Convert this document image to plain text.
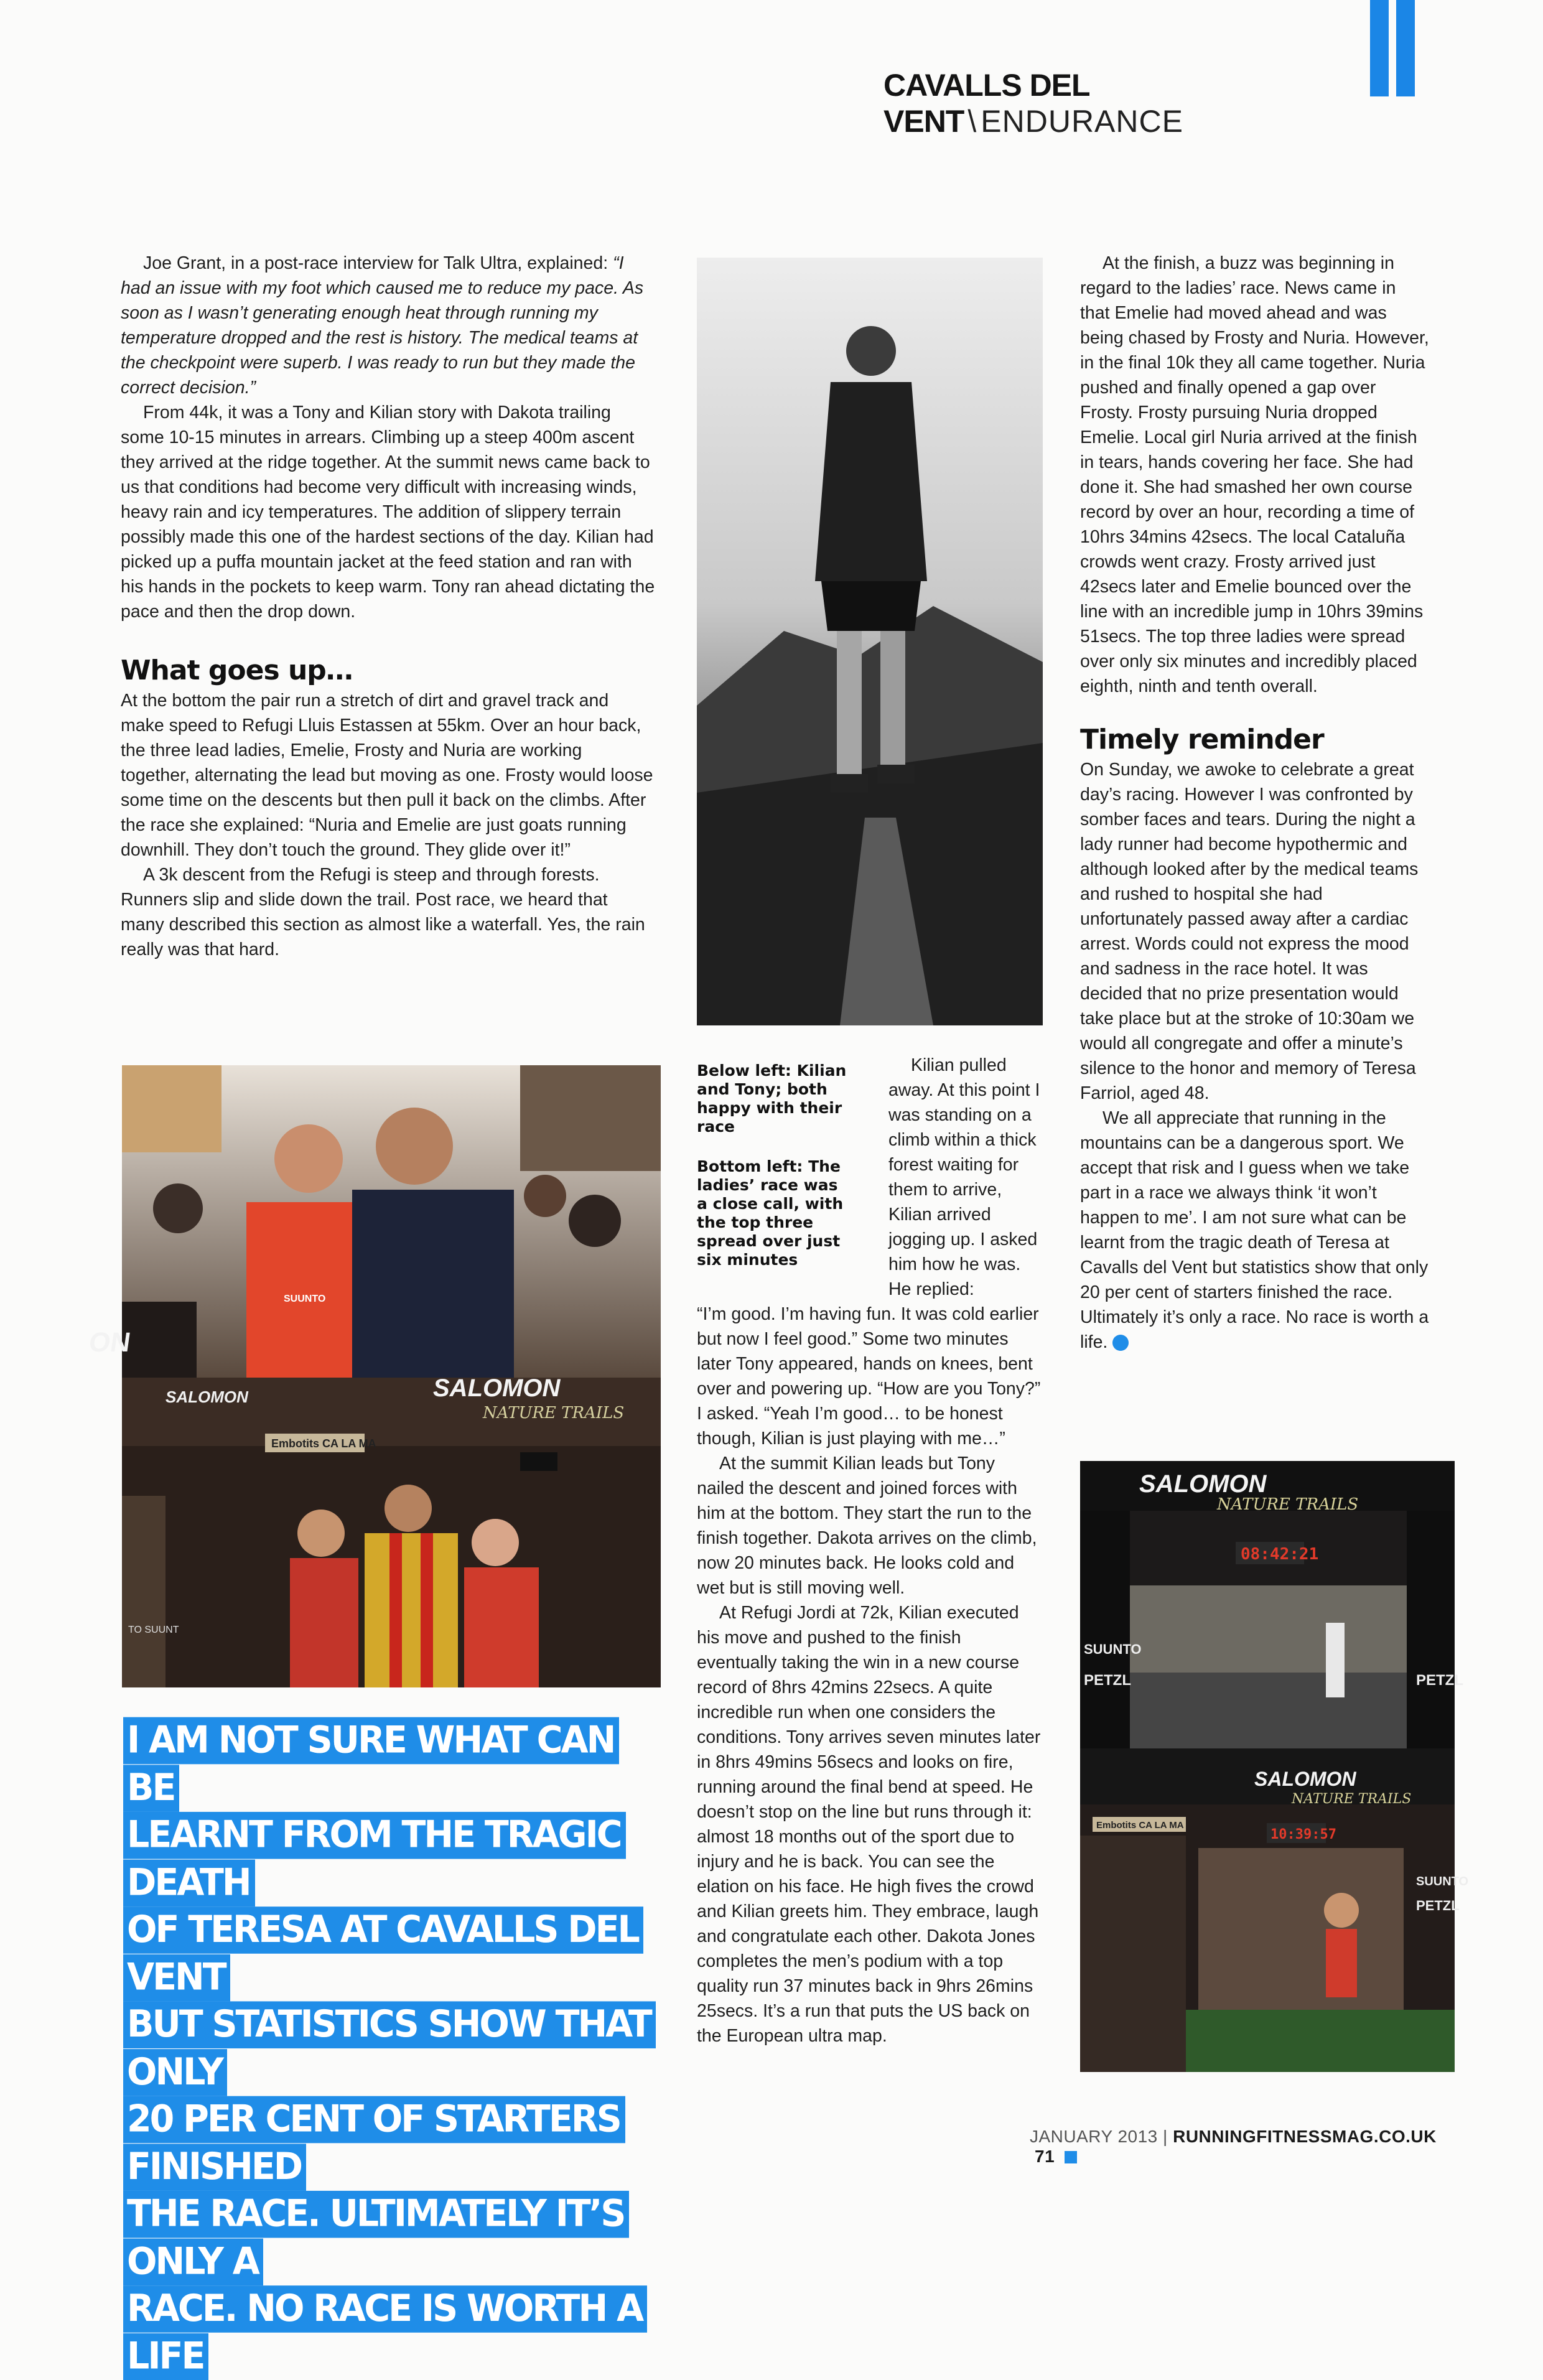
CAVALLS DEL VENT \ ENDURANCE

Joe Grant, in a post-race interview for Talk Ultra, explained: “I had an issue with my foot which caused me to reduce my pace. As soon as I wasn’t generating enough heat through running my temperature dropped and the rest is history. The medical teams at the checkpoint were superb. I was ready to run but they made the correct decision.”

From 44k, it was a Tony and Kilian story with Dakota trailing some 10-15 minutes in arrears. Climbing up a steep 400m ascent they arrived at the ridge together. At the summit news came back to us that conditions had become very difficult with increasing winds, heavy rain and icy temperatures. The addition of slippery terrain possibly made this one of the hardest sections of the day. Kilian had picked up a puffa mountain jacket at the feed station and ran with his hands in the pockets to keep warm. Tony ran ahead dictating the pace and then the drop down.

What goes up…

At the bottom the pair run a stretch of dirt and gravel track and make speed to Refugi Lluis Estassen at 55km. Over an hour back, the three lead ladies, Emelie, Frosty and Nuria are working together, alternating the lead but moving as one. Frosty would loose some time on the descents but then pull it back on the climbs. After the race she explained: “Nuria and Emelie are just goats running downhill. They don’t touch the ground. They glide over it!”

A 3k descent from the Refugi is steep and through forests. Runners slip and slide down the trail. Post race, we heard that many described this section as almost like a waterfall. Yes, the rain really was that hard.

ON
SUUNTO
SALOMON	SALOMON
NATURE TRAILS
Embotits CA LA MA
TO SUUNT
I AM NOT SURE WHAT CAN BE
LEARNT FROM THE TRAGIC DEATH
OF TERESA AT CAVALLS DEL VENT
BUT STATISTICS SHOW THAT ONLY
20 PER CENT OF STARTERS FINISHED
THE RACE. ULTIMATELY IT’S ONLY A
RACE. NO RACE IS WORTH A LIFE

Below left: Kilian and Tony; both happy with their race

Bottom left: The ladies’ race was a close call, with the top three spread over just six minutes

Kilian pulled away. At this point I was standing on a climb within a thick forest waiting for them to arrive, Kilian arrived jogging up. I asked him how he was. He replied:

“I’m good. I’m having fun. It was cold earlier but now I feel good.” Some two minutes later Tony appeared, hands on knees, bent over and powering up. “How are you Tony?” I asked. “Yeah I’m good… to be honest though, Kilian is just playing with me…”

At the summit Kilian leads but Tony nailed the descent and joined forces with him at the bottom. They start the run to the finish together. Dakota arrives on the climb, now 20 minutes back. He looks cold and wet but is still moving well.

At Refugi Jordi at 72k, Kilian executed his move and pushed to the finish eventually taking the win in a new course record of 8hrs 42mins 22secs. A quite incredible run when one considers the conditions. Tony arrives seven minutes later in 8hrs 49mins 56secs and looks on fire, running around the final bend at speed. He doesn’t stop on the line but runs through it: almost 18 months out of the sport due to injury and he is back. You can see the elation on his face. He high fives the crowd and Kilian greets him. They embrace, laugh and congratulate each other. Dakota Jones completes the men’s podium with a top quality run 37 minutes back in 9hrs 26mins 25secs. It’s a run that puts the US back on the European ultra map.

At the finish, a buzz was beginning in regard to the ladies’ race. News came in that Emelie had moved ahead and was being chased by Frosty and Nuria. However, in the final 10k they all came together. Nuria pushed and finally opened a gap over Frosty. Frosty pursuing Nuria dropped Emelie. Local girl Nuria arrived at the finish in tears, hands covering her face. She had done it. She had smashed her own course record by over an hour, recording a time of 10hrs 34mins 42secs. The local Cataluña crowds went crazy. Frosty arrived just 42secs later and Emelie bounced over the line with an incredible jump in 10hrs 39mins 51secs. The top three ladies were spread over only six minutes and incredibly placed eighth, ninth and tenth overall.

Timely reminder

On Sunday, we awoke to celebrate a great day’s racing. However I was confronted by somber faces and tears. During the night a lady runner had become hypothermic and although looked after by the medical teams and rushed to hospital she had unfortunately passed away after a cardiac arrest. Words could not express the mood and sadness in the race hotel. It was decided that no prize presentation would take place but at the stroke of 10:30am we would all congregate and offer a minute’s silence to the honor and memory of Teresa Farriol, aged 48.

We all appreciate that running in the mountains can be a dangerous sport. We accept that risk and I guess when we take part in a race we always think ‘it won’t happen to me’. I am not sure what can be learnt from the tragic death of Teresa at Cavalls del Vent but statistics show that only 20 per cent of starters finished the race. Ultimately it’s only a race. No race is worth a life.

SALOMON
NATURE TRAILS
08:42:21
SUUNTO
PETZL	PETZL
SALOMON
NATURE TRAILS
Embotits CA LA MA
10:39:57
SUUNTO
PETZL
JANUARY 2013 | RUNNINGFITNESSMAG.CO.UK 71
